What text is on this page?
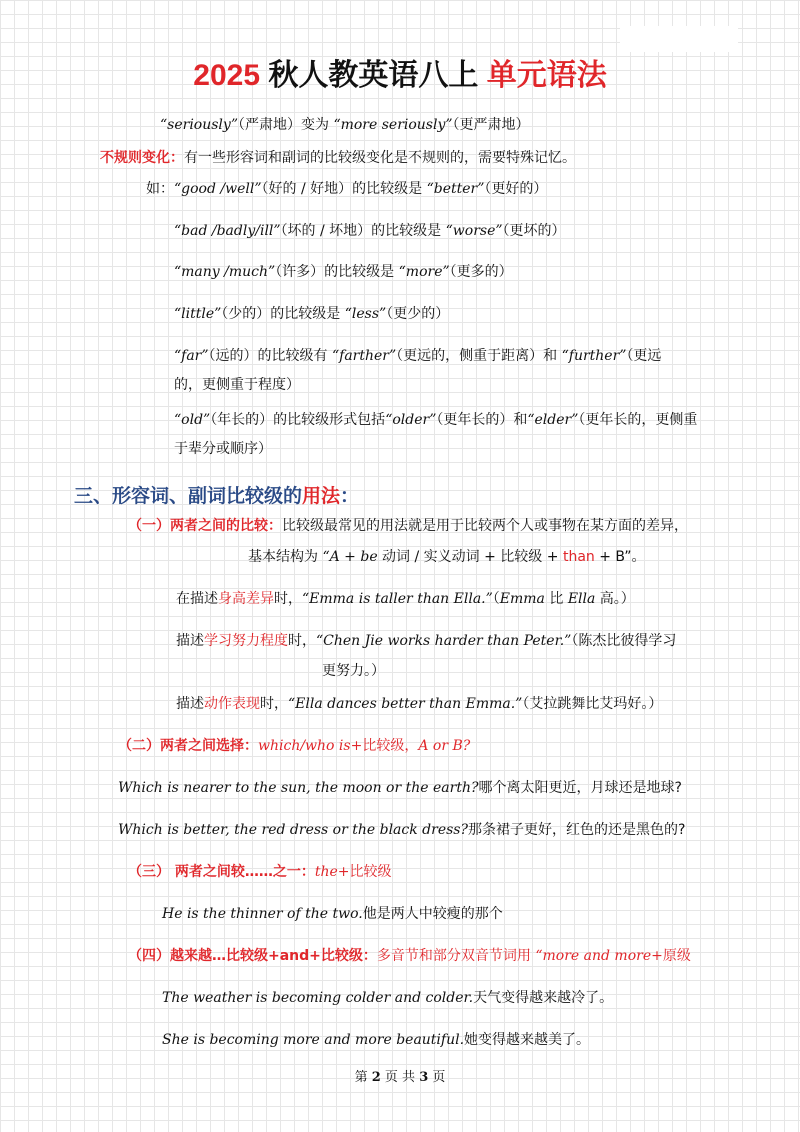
2025 秋人教英语八上 单元语法
“seriously”（严肃地）变为 “more seriously”（更严肃地）
不规则变化：有一些形容词和副词的比较级变化是不规则的，需要特殊记忆。
如：“good /well”（好的 / 好地）的比较级是 “better”（更好的）
“bad /badly/ill”（坏的 / 坏地）的比较级是 “worse”（更坏的）
“many /much”（许多）的比较级是 “more”（更多的）
“little”（少的）的比较级是 “less”（更少的）
“far”（远的）的比较级有 “farther”（更远的，侧重于距离）和 “further”（更远
的，更侧重于程度）
“old”（年长的）的比较级形式包括“older”（更年长的）和“elder”（更年长的，更侧重
于辈分或顺序）
三、形容词、副词比较级的用法：
（一）两者之间的比较：比较级最常见的用法就是用于比较两个人或事物在某方面的差异，
基本结构为 “A + be 动词 / 实义动词 + 比较级 + than + B”。
在描述身高差异时，“Emma is taller than Ella.”（Emma 比 Ella 高。）
描述学习努力程度时，“Chen Jie works harder than Peter.”（陈杰比彼得学习
更努力。）
描述动作表现时，“Ella dances better than Emma.”（艾拉跳舞比艾玛好。）
（二）两者之间选择：which/who is+比较级，A or B?
Which is nearer to the sun, the moon or the earth?哪个离太阳更近，月球还是地球?
Which is better, the red dress or the black dress?那条裙子更好，红色的还是黑色的?
（三） 两者之间较……之一：the+比较级
He is the thinner of the two.他是两人中较瘦的那个
（四）越来越…比较级+and+比较级：多音节和部分双音节词用 “more and more+原级
The weather is becoming colder and colder.天气变得越来越冷了。
She is becoming more and more beautiful.她变得越来越美了。
第 2 页 共 3 页
